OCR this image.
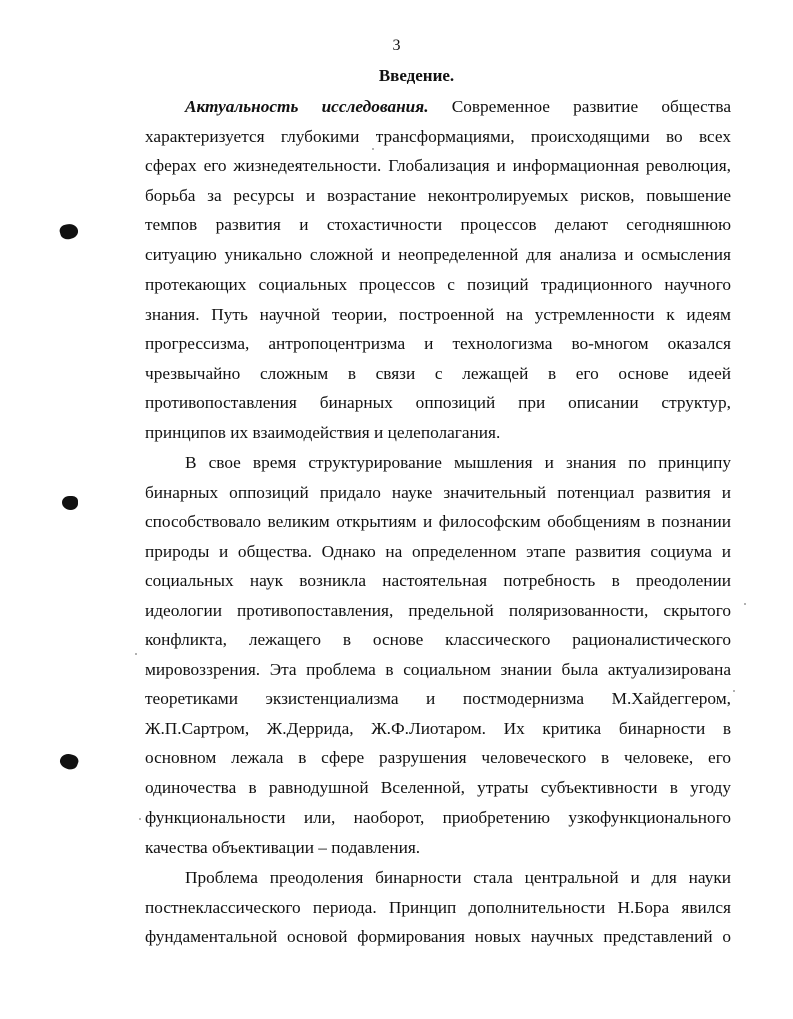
3
Введение.
Актуальность исследования. Современное развитие общества
характеризуется глубокими трансформациями, происходящими во всех
сферах его жизнедеятельности. Глобализация и информационная революция,
борьба за ресурсы и возрастание неконтролируемых рисков, повышение
темпов развития и стохастичности процессов делают сегодняшнюю
ситуацию уникально сложной и неопределенной для анализа и осмысления
протекающих социальных процессов с позиций традиционного научного
знания. Путь научной теории, построенной на устремленности к идеям
прогрессизма, антропоцентризма и технологизма во-многом оказался
чрезвычайно сложным в связи с лежащей в его основе идеей
противопоставления бинарных оппозиций при описании структур,
принципов их взаимодействия и целеполагания.
В свое время структурирование мышления и знания по принципу
бинарных оппозиций придало науке значительный потенциал развития и
способствовало великим открытиям и философским обобщениям в познании
природы и общества. Однако на определенном этапе развития социума и
социальных наук возникла настоятельная потребность в преодолении
идеологии противопоставления, предельной поляризованности, скрытого
конфликта, лежащего в основе классического рационалистического
мировоззрения. Эта проблема в социальном знании была актуализирована
теоретиками экзистенциализма и постмодернизма М.Хайдеггером,
Ж.П.Сартром, Ж.Деррида, Ж.Ф.Лиотаром. Их критика бинарности в
основном лежала в сфере разрушения человеческого в человеке, его
одиночества в равнодушной Вселенной, утраты субъективности в угоду
функциональности или, наоборот, приобретению узкофункционального
качества объективации – подавления.
Проблема преодоления бинарности стала центральной и для науки
постнеклассического периода. Принцип дополнительности Н.Бора явился
фундаментальной основой формирования новых научных представлений о
